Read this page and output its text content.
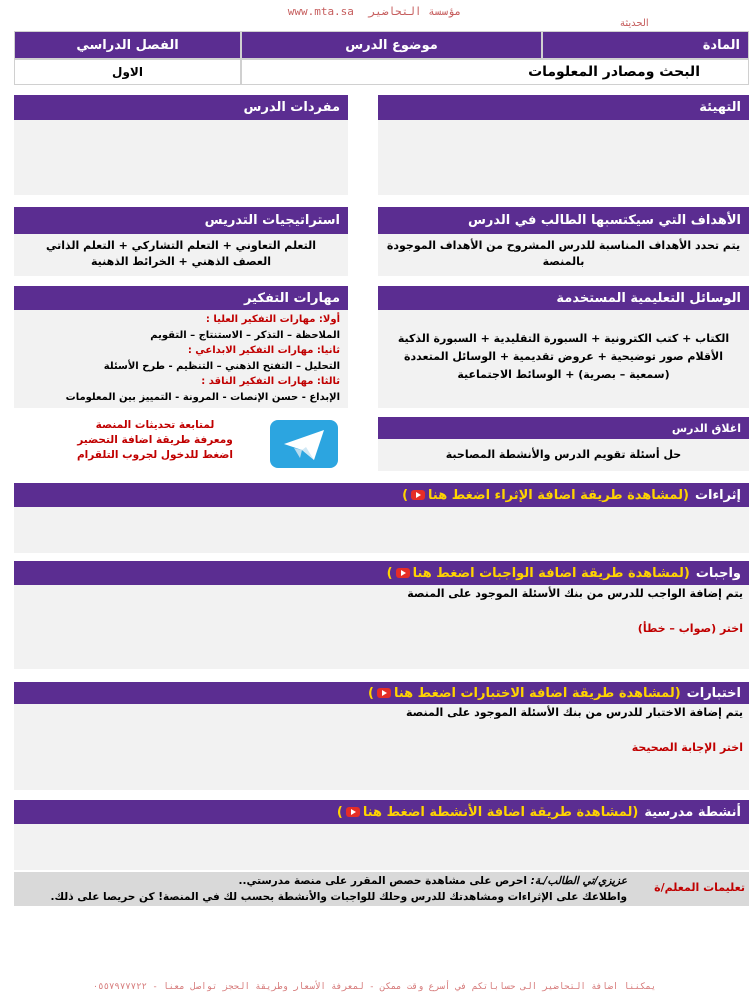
www.mta.sa مؤسسة التحاضير
الحديثة
المادة
موضوع الدرس
الفصل الدراسي
البحث ومصادر المعلومات
الاول
التهيئة
مفردات الدرس
الأهداف التي سيكتسبها الطالب في الدرس
يتم تحدد الأهداف المناسبة للدرس المشروح من الأهداف الموجودة
بالمنصة
استراتيجيات التدريس
التعلم التعاوني + التعلم التشاركي + التعلم الذاتي
العصف الذهني + الخرائط الذهنية
الوسائل التعليمية المستخدمة
الكتاب + كتب الكترونية + السبورة التقليدية + السبورة الذكية
الأقلام صور توضيحية + عروض تقديمية + الوسائل المتعددة
(سمعية – بصرية) + الوسائط الاجتماعية
مهارات التفكير
أولا: مهارات التفكير العليا :
الملاحظة – التذكر – الاستنتاج – التقويم
ثانيا: مهارات التفكير الابداعي :
التحليل – التفتح الذهني – التنظيم - طرح الأسئلة
ثالثا: مهارات التفكير الناقد :
الإبداع - حسن الإنصات - المرونة - التمييز بين المعلومات
لمتابعة تحديثات المنصة
ومعرفة طريقة اضافة التحضير
اضغط للدخول لجروب التلقرام
اغلاق الدرس
حل أسئلة تقويم الدرس والأنشطة المصاحبة
إثراءات
(لمشاهدة طريقة اضافة الإثراء اضغط هنا)
واجبات
(لمشاهدة طريقة اضافة الواجبات اضغط هنا)
يتم إضافة الواجب للدرس من بنك الأسئلة الموجود على المنصة
اختر (صواب – خطأ)
اختبارات
(لمشاهدة طريقة اضافة الاختبارات اضغط هنا)
يتم إضافة الاختبار للدرس من بنك الأسئلة الموجود على المنصة
اختر الإجابة الصحيحة
أنشطة مدرسية
(لمشاهدة طريقة اضافة الأنشطة اضغط هنا)
تعليمات المعلم/ة
عزيزي/تي الطالب/ـة: احرص على مشاهدة حصص المقرر على منصة مدرستي..
واطلاعك على الإثراءات ومشاهدتك للدرس وحلك للواجبات والأنشطة بحسب لك في المنصة! كن حريصا على ذلك.
يمكننا اضافة التحاضير الى حساباتكم في أسرع وقت ممكن - لمعرفة الأسعار وطريقة الحجز تواصل معنا - ٠٥٥٧٩٧٧٧٢٢
